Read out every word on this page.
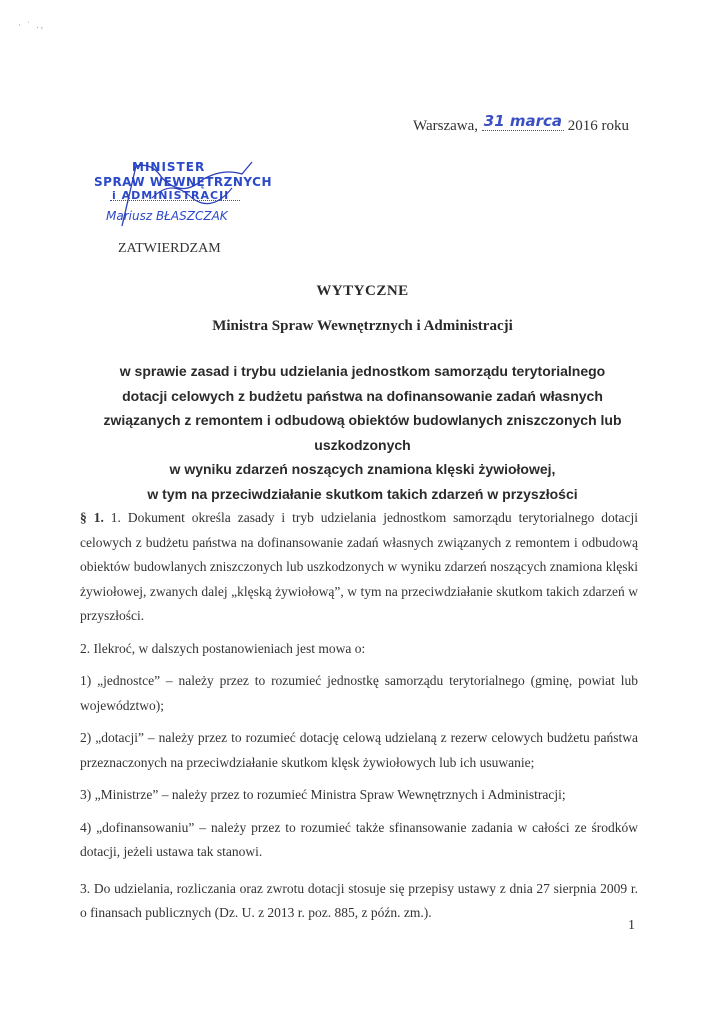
· ˈ .,
Warszawa, 31 marca 2016 roku
MINISTER
SPRAW WEWNĘTRZNYCH
i ADMINISTRACJI
Mariusz BŁASZCZAK
ZATWIERDZAM
WYTYCZNE
Ministra Spraw Wewnętrznych i Administracji
w sprawie zasad i trybu udzielania jednostkom samorządu terytorialnego
dotacji celowych z budżetu państwa na dofinansowanie zadań własnych
związanych z remontem i odbudową obiektów budowlanych zniszczonych lub uszkodzonych
w wyniku zdarzeń noszących znamiona klęski żywiołowej,
w tym na przeciwdziałanie skutkom takich zdarzeń w przyszłości

§ 1. 1. Dokument określa zasady i tryb udzielania jednostkom samorządu terytorialnego dotacji celowych z budżetu państwa na dofinansowanie zadań własnych związanych z remontem i odbudową obiektów budowlanych zniszczonych lub uszkodzonych w wyniku zdarzeń noszących znamiona klęski żywiołowej, zwanych dalej „klęską żywiołową”, w tym na przeciwdziałanie skutkom takich zdarzeń w przyszłości.

2. Ilekroć, w dalszych postanowieniach jest mowa o:

1) „jednostce” – należy przez to rozumieć jednostkę samorządu terytorialnego (gminę, powiat lub województwo);

2) „dotacji” – należy przez to rozumieć dotację celową udzielaną z rezerw celowych budżetu państwa przeznaczonych na przeciwdziałanie skutkom klęsk żywiołowych lub ich usuwanie;

3) „Ministrze” – należy przez to rozumieć Ministra Spraw Wewnętrznych i Administracji;

4) „dofinansowaniu” – należy przez to rozumieć także sfinansowanie zadania w całości ze środków dotacji, jeżeli ustawa tak stanowi.

3. Do udzielania, rozliczania oraz zwrotu dotacji stosuje się przepisy ustawy z dnia 27 sierpnia 2009 r. o finansach publicznych (Dz. U. z 2013 r. poz. 885, z późn. zm.).

1
